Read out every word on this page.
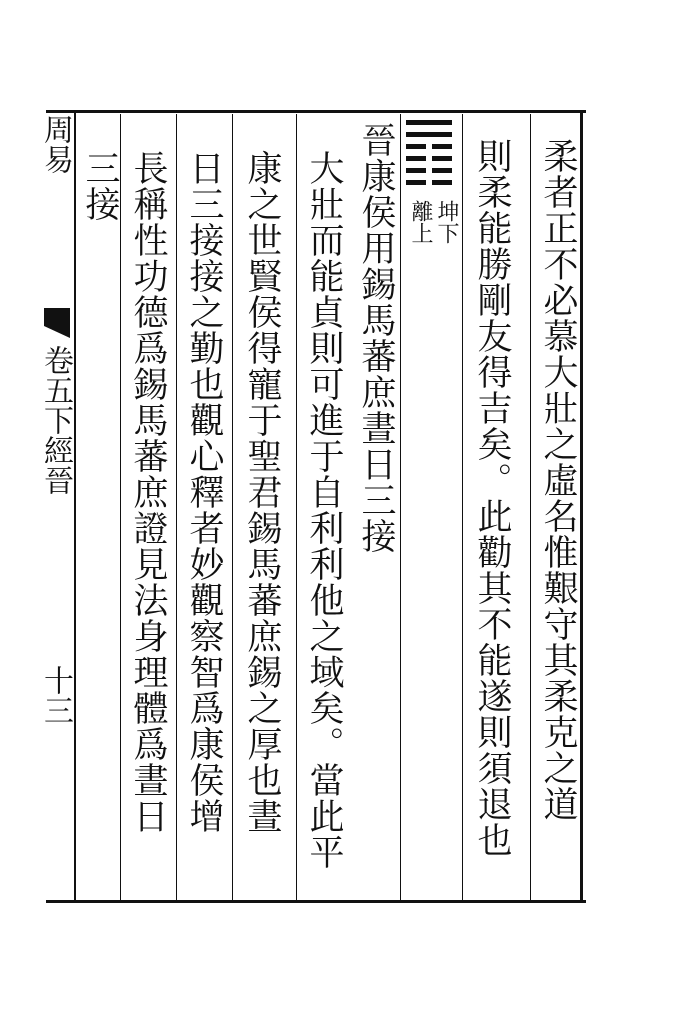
周易
卷五下經晉
十三
坤下
離上	柔者正不必慕大壯之虛名惟艱守其柔克之道
則柔能勝剛友得吉矣。此勸其不能遂則須退也
晉康侯用錫馬蕃庶晝日三接
大壯而能貞則可進于自利利他之域矣。當此平
康之世賢侯得寵于聖君錫馬蕃庶錫之厚也晝
日三接接之勤也觀心釋者妙觀察智爲康侯增
長稱性功德爲錫馬蕃庶證見法身理體爲晝日
三接
